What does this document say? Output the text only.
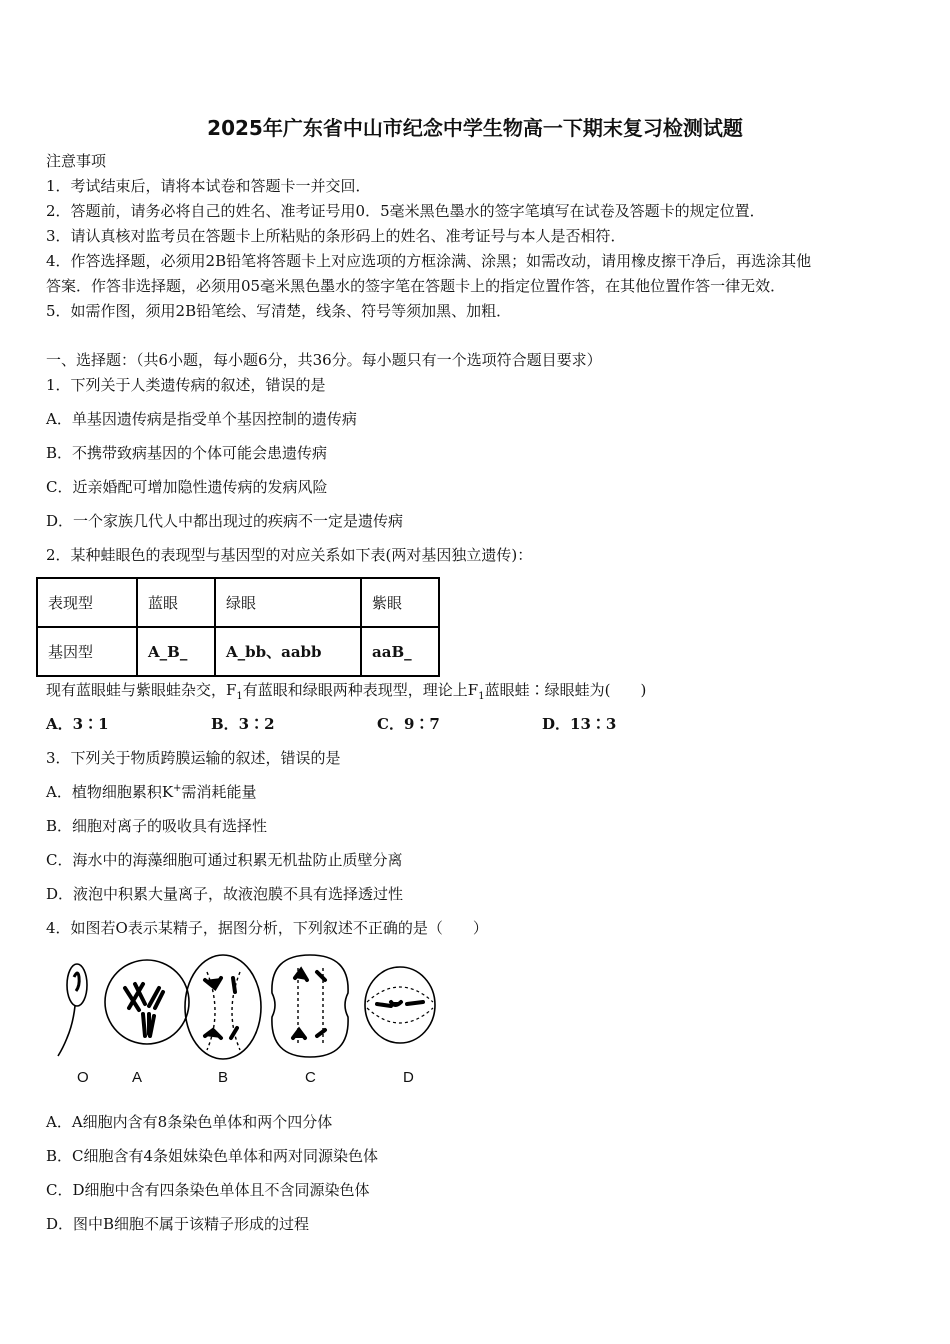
2025年广东省中山市纪念中学生物高一下期末复习检测试题
注意事项
1．考试结束后，请将本试卷和答题卡一并交回．
2．答题前，请务必将自己的姓名、准考证号用0．5毫米黑色墨水的签字笔填写在试卷及答题卡的规定位置．
3．请认真核对监考员在答题卡上所粘贴的条形码上的姓名、准考证号与本人是否相符．
4．作答选择题，必须用2B铅笔将答题卡上对应选项的方框涂满、涂黑；如需改动，请用橡皮擦干净后，再选涂其他
答案．作答非选择题，必须用05毫米黑色墨水的签字笔在答题卡上的指定位置作答，在其他位置作答一律无效．
5．如需作图，须用2B铅笔绘、写清楚，线条、符号等须加黑、加粗．
一、选择题：（共6小题，每小题6分，共36分。每小题只有一个选项符合题目要求）
1．下列关于人类遗传病的叙述，错误的是
A．单基因遗传病是指受单个基因控制的遗传病
B．不携带致病基因的个体可能会患遗传病
C．近亲婚配可增加隐性遗传病的发病风险
D．一个家族几代人中都出现过的疾病不一定是遗传病
2．某种蛙眼色的表现型与基因型的对应关系如下表(两对基因独立遗传)：
表现型	蓝眼	绿眼	紫眼
基因型	A_B_	A_bb、aabb	aaB_
现有蓝眼蛙与紫眼蛙杂交，$F_1$有蓝眼和绿眼两种表现型，理论上$F_1$蓝眼蛙∶绿眼蛙为(　　)
A．3∶1	B．3∶2	C．9∶7	D．13∶3
3．下列关于物质跨膜运输的叙述，错误的是
A．植物细胞累积K+需消耗能量
B．细胞对离子的吸收具有选择性
C．海水中的海藻细胞可通过积累无机盐防止质壁分离
D．液泡中积累大量离子，故液泡膜不具有选择透过性
4．如图若O表示某精子，据图分析，下列叙述不正确的是（　　）
O	A	B	C	D
A．A细胞内含有8条染色单体和两个四分体
B．C细胞含有4条姐妹染色单体和两对同源染色体
C．D细胞中含有四条染色单体且不含同源染色体
D．图中B细胞不属于该精子形成的过程
